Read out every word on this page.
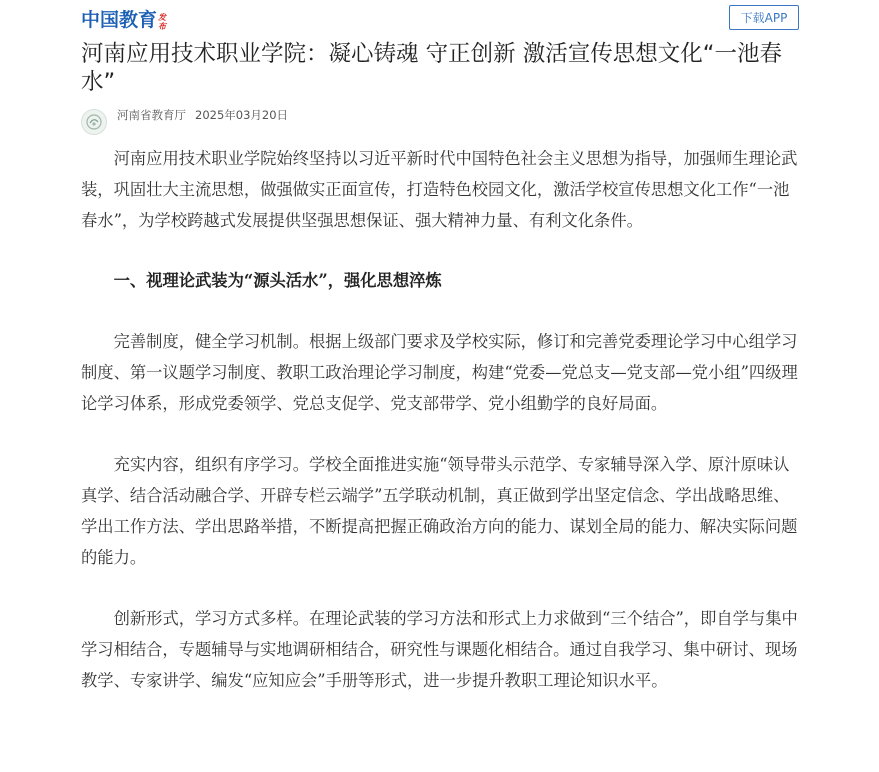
中国教育 发
布
下载APP
河南应用技术职业学院：凝心铸魂 守正创新 激活宣传思想文化“一池春水”
河南省教育厅 2025年03月20日

河南应用技术职业学院始终坚持以习近平新时代中国特色社会主义思想为指导，加强师生理论武装，巩固壮大主流思想，做强做实正面宣传，打造特色校园文化，激活学校宣传思想文化工作“一池春水”，为学校跨越式发展提供坚强思想保证、强大精神力量、有利文化条件。

一、视理论武装为“源头活水”，强化思想淬炼

完善制度，健全学习机制。根据上级部门要求及学校实际，修订和完善党委理论学习中心组学习制度、第一议题学习制度、教职工政治理论学习制度，构建“党委—党总支—党支部—党小组”四级理论学习体系，形成党委领学、党总支促学、党支部带学、党小组勤学的良好局面。

充实内容，组织有序学习。学校全面推进实施“领导带头示范学、专家辅导深入学、原汁原味认真学、结合活动融合学、开辟专栏云端学”五学联动机制，真正做到学出坚定信念、学出战略思维、学出工作方法、学出思路举措，不断提高把握正确政治方向的能力、谋划全局的能力、解决实际问题的能力。

创新形式，学习方式多样。在理论武装的学习方法和形式上力求做到“三个结合”，即自学与集中学习相结合，专题辅导与实地调研相结合，研究性与课题化相结合。通过自我学习、集中研讨、现场教学、专家讲学、编发“应知应会”手册等形式，进一步提升教职工理论知识水平。
